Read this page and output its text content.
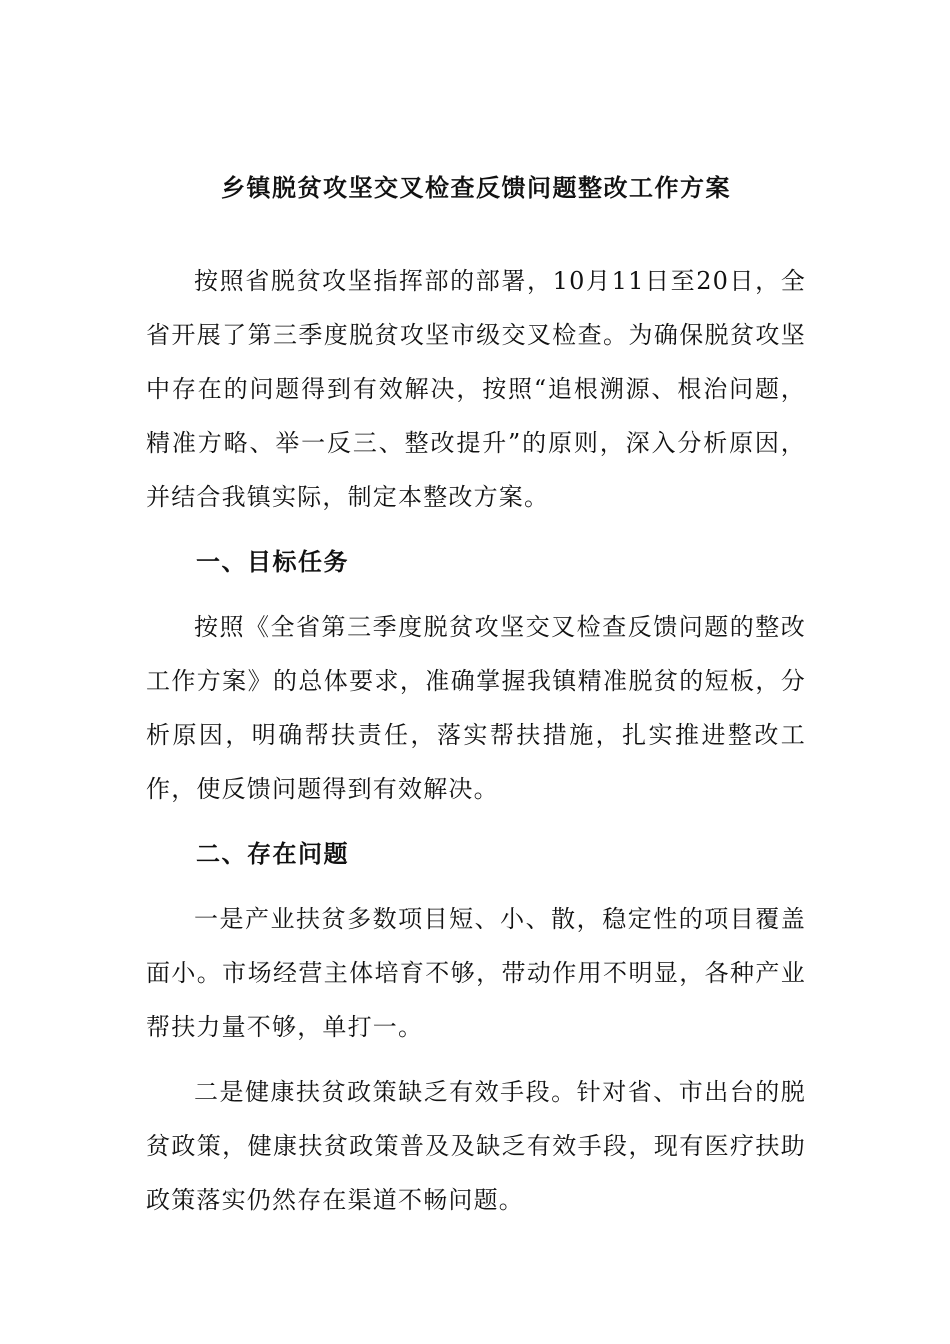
乡镇脱贫攻坚交叉检查反馈问题整改工作方案

按照省脱贫攻坚指挥部的部署，10月11日至20日，全省开展了第三季度脱贫攻坚市级交叉检查。为确保脱贫攻坚中存在的问题得到有效解决，按照“追根溯源、根治问题，精准方略、举一反三、整改提升”的原则，深入分析原因，并结合我镇实际，制定本整改方案。

一、目标任务

按照《全省第三季度脱贫攻坚交叉检查反馈问题的整改工作方案》的总体要求，准确掌握我镇精准脱贫的短板，分析原因，明确帮扶责任，落实帮扶措施，扎实推进整改工作，使反馈问题得到有效解决。

二、存在问题

一是产业扶贫多数项目短、小、散，稳定性的项目覆盖面小。市场经营主体培育不够，带动作用不明显，各种产业帮扶力量不够，单打一。

二是健康扶贫政策缺乏有效手段。针对省、市出台的脱贫政策，健康扶贫政策普及及缺乏有效手段，现有医疗扶助政策落实仍然存在渠道不畅问题。
